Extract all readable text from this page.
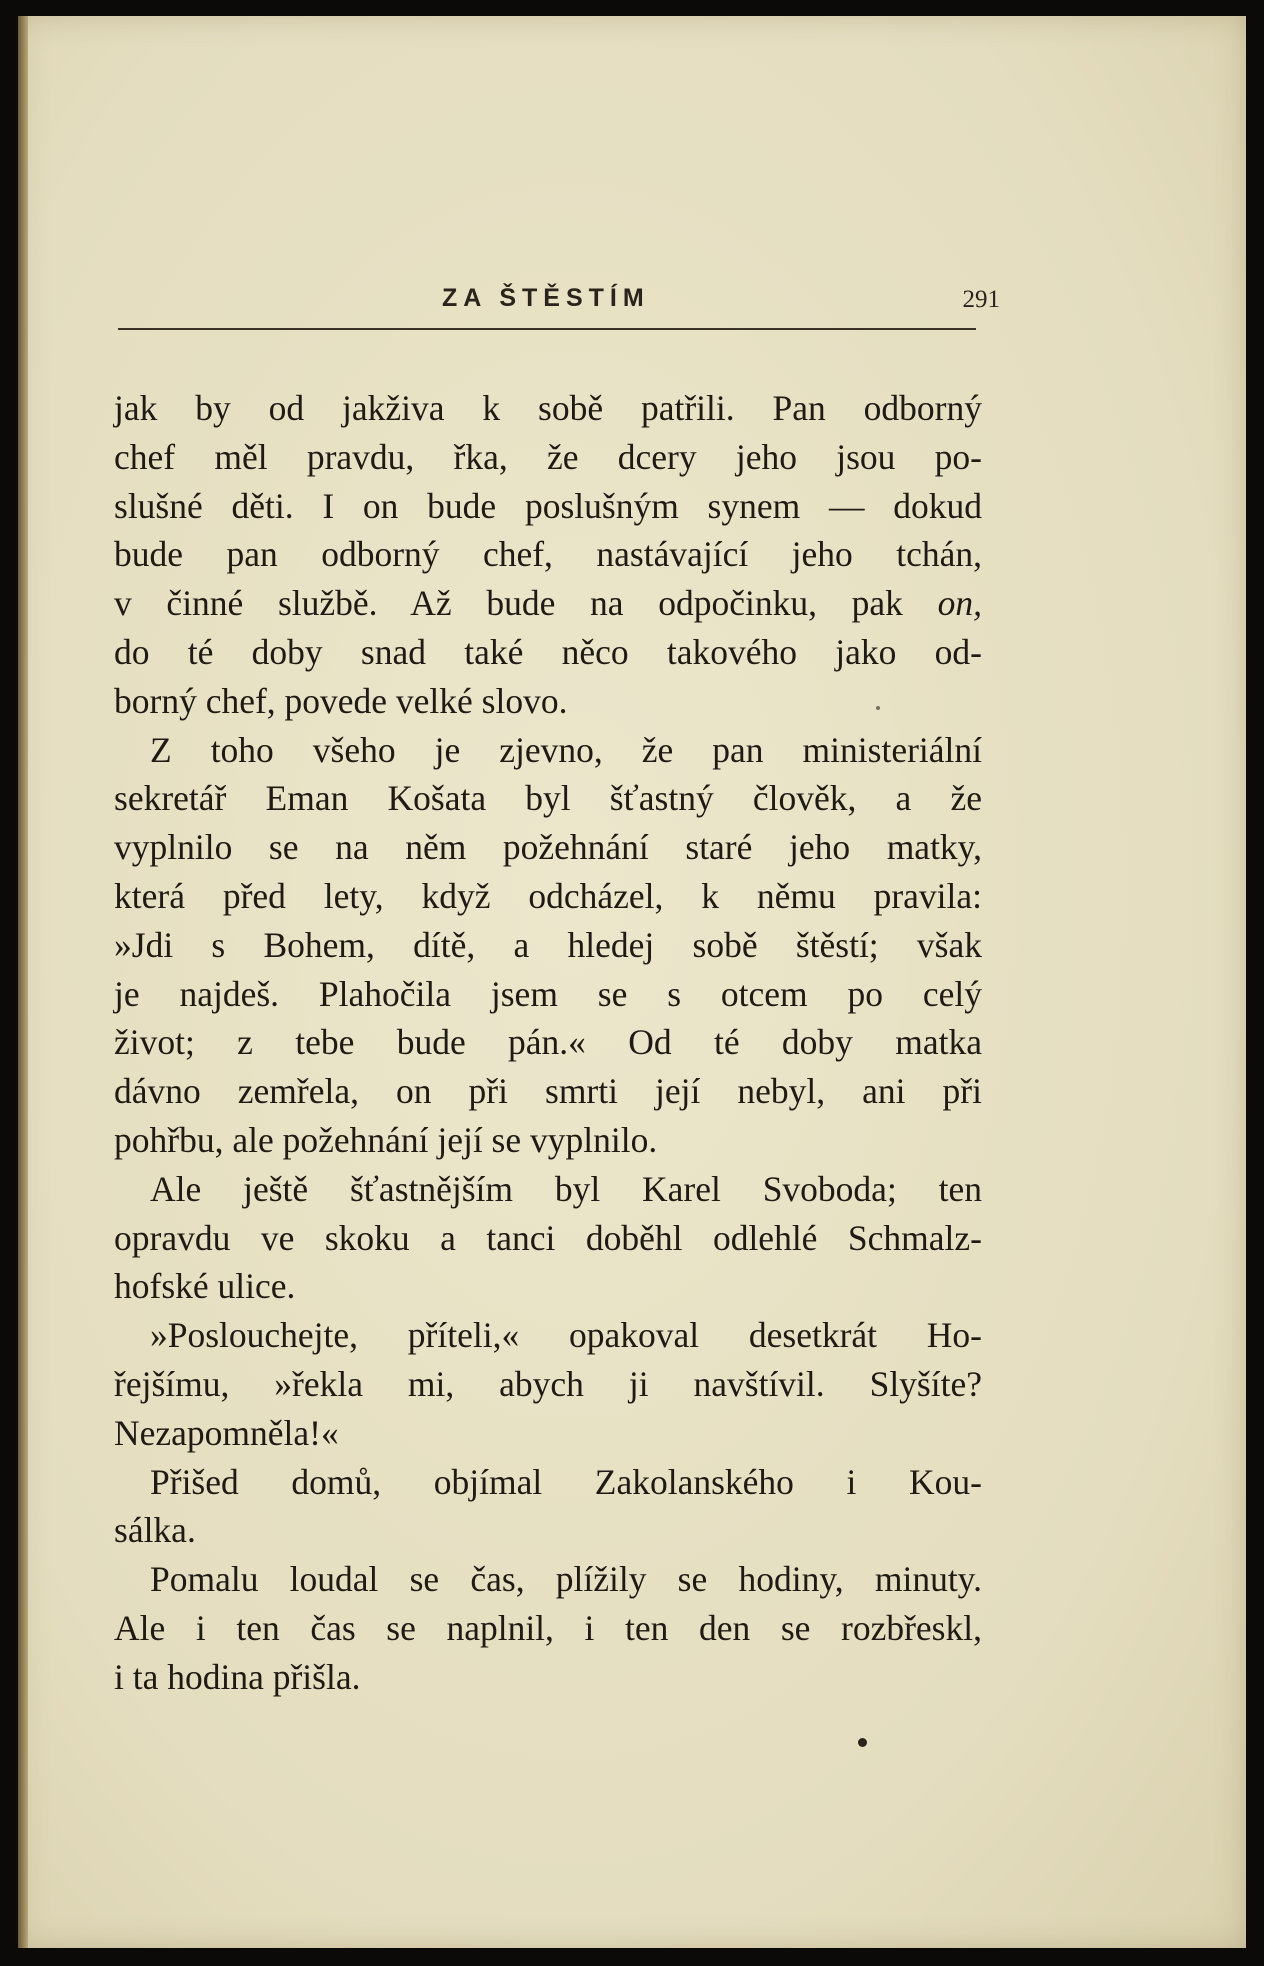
ZA ŠTĚSTÍM	291
jak by od jakživa k sobě patřili. Pan odborný
chef měl pravdu, řka, že dcery jeho jsou po-
slušné děti. I on bude poslušným synem — dokud
bude pan odborný chef, nastávající jeho tchán,
v činné službě. Až bude na odpočinku, pak on,
do té doby snad také něco takového jako od-
borný chef, povede velké slovo.
Z toho všeho je zjevno, že pan ministeriální
sekretář Eman Košata byl šťastný člověk, a že
vyplnilo se na něm požehnání staré jeho matky,
která před lety, když odcházel, k němu pravila:
»Jdi s Bohem, dítě, a hledej sobě štěstí; však
je najdeš. Plahočila jsem se s otcem po celý
život; z tebe bude pán.« Od té doby matka
dávno zemřela, on při smrti její nebyl, ani při
pohřbu, ale požehnání její se vyplnilo.
Ale ještě šťastnějším byl Karel Svoboda; ten
opravdu ve skoku a tanci doběhl odlehlé Schmalz-
hofské ulice.
»Poslouchejte, příteli,« opakoval desetkrát Ho-
řejšímu, »řekla mi, abych ji navštívil. Slyšíte?
Nezapomněla!«
Přišed domů, objímal Zakolanského i Kou-
sálka.
Pomalu loudal se čas, plížily se hodiny, minuty.
Ale i ten čas se naplnil, i ten den se rozbřeskl,
i ta hodina přišla.
